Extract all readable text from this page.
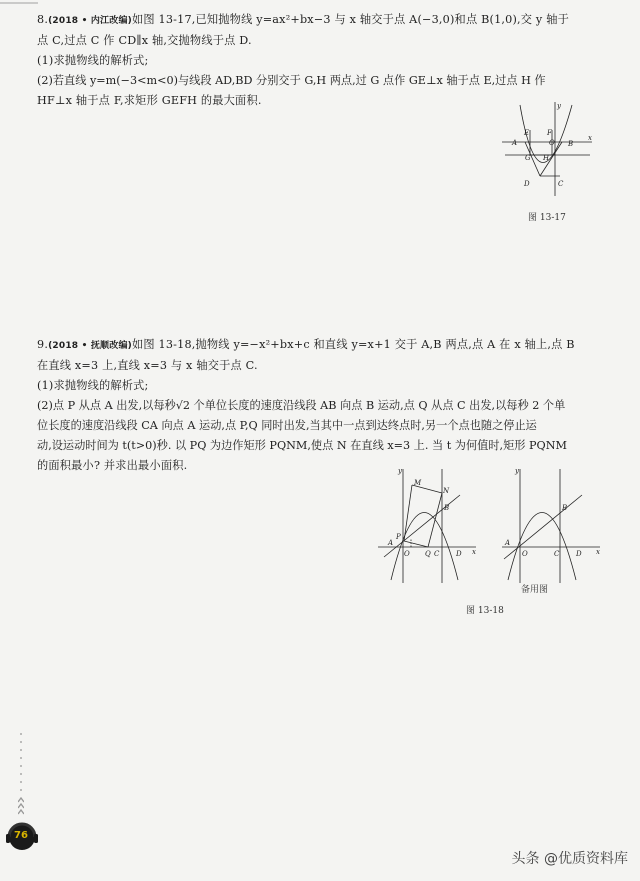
8.(2018 • 内江改编)如图 13-17,已知抛物线 y=ax²+bx−3 与 x 轴交于点 A(−3,0)和点 B(1,0),交 y 轴于

点 C,过点 C 作 CD∥x 轴,交抛物线于点 D.

(1)求抛物线的解析式;

(2)若直线 y=m(−3<m<0)与线段 AD,BD 分别交于 G,H 两点,过 G 点作 GE⊥x 轴于点 E,过点 H 作

HF⊥x 轴于点 F,求矩形 GEFH 的最大面积.	y
x
E	F
A	O B
G H
D	C
图 13-17

9.(2018 • 抚顺改编)如图 13-18,抛物线 y=−x²+bx+c 和直线 y=x+1 交于 A,B 两点,点 A 在 x 轴上,点 B

在直线 x=3 上,直线 x=3 与 x 轴交于点 C.

(1)求抛物线的解析式;

(2)点 P 从点 A 出发,以每秒√2 个单位长度的速度沿线段 AB 向点 B 运动,点 Q 从点 C 出发,以每秒 2 个单

位长度的速度沿线段 CA 向点 A 运动,点 P,Q 同时出发,当其中一点到达终点时,另一个点也随之停止运

动,设运动时间为 t(t>0)秒. 以 PQ 为边作矩形 PQNM,使点 N 在直线 x=3 上. 当 t 为何值时,矩形 PQNM

的面积最小? 并求出最小面积.	y
x
M
N
B
A
P
O Q C D
y
x
B
A
O	C D
备用图
图 13-18
76
头条 @优质资料库
